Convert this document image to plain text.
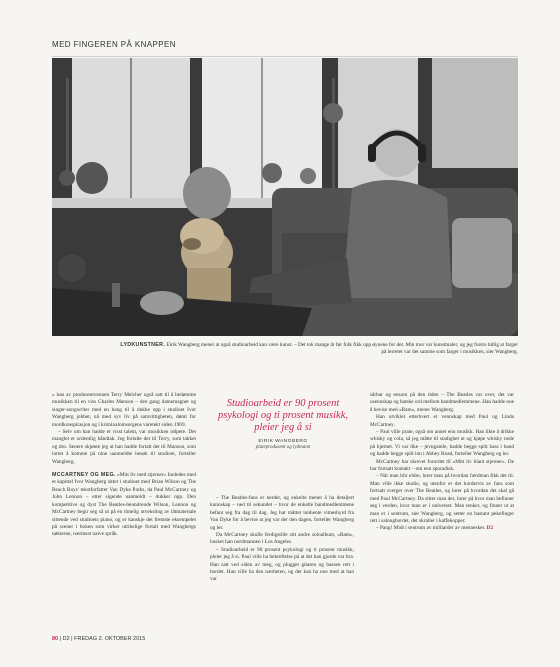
MED FINGEREN PÅ KNAPPEN
LYDKUNSTNER. Eirik Wangberg mener at også studioarbeid kan være kunst. – Det tok mange år før folk fikk opp øynene for det. Min mor var kunstmaler, og jeg forsto tidlig at farger på lerretet var det samme som farger i musikken, sier Wangberg.

» han av produsentvennen Terry Melcher også satt til å bedømme musikken til en viss Charles Manson – den gang damemagnet og singer-songwriter med en hang til å dukke opp i studioet Ivor Wangberg jobbet, nå med syv liv på samvittigheten, dømt for mordkonspirasjon og i kriminalomsorgens varetekt siden 1969.

– Selv om han hadde et visst talent, var musikken rølpete. Det manglet et ordentlig håndtak. Jeg fortalte det til Terry, som takket og dro. Senere skjønte jeg at han hadde fortalt det til Manson, som lurtet å komme på nine uanmeldte besøk til studioet, forteller Wangberg.

MCCARTNEY OG MEG. «Mitt liv med stjerner» Innledes med et kapittel Ivor Wangberg sitter i studioet med Brian Wilson og The Beach Boys' tekstforfatter Van Dyke Parks, da Paul McCartney og John Lennon – etter sigende uanmeldt – dukker opp. Den kompetitive og dyst The Beatles-beundrende Wilson, Lennon og McCartney begir seg så ut på en timelig utveksling av låtmateriale sittende ved studioets piano, og er kanskje det fremste eksempelet på scener i boken som virker utrikelige fortalt med Wangbergs nøkterne, nærmest naive språk.

Studioarbeid er 90 prosent psykologi og ti prosent musikk, pleier jeg å si
EIRIK WANGBERG
plateprodusent og lydmann

– The Beatles-fans er nerder, og enkelte mener å ha detaljert kunnskap – ned til sekundet – hvor de enkelte bandmedlemmene befant seg fra dag til dag. Jeg har måttet innhente vitnesbyrd fra Van Dyke for å bevise at jeg var der den dagen, forteller Wangberg og ler.

Da McCartney skulle ferdigstille sitt andre soloalbum, «Ram», husket han nordmannen i Los Angeles.

– Studioarbeid er 90 prosent psykologi og ti prosent musikk, pleier jeg å si. Paul ville ha bekreftelse på at det han gjorde var bra. Han satt ved siden av meg, og plugget gitaren og bassen rett i bordet. Han ville ha den nærheten, og det kan ha noe med at han var

sårbar og ensom på den tiden – The Beatles var over, det var usennskap og hatske ord mellom bandmedlemmene. Han hadde noe å bevise med «Ram», mener Wangberg.

Han utviklet etterhvert et vennskap med Paul og Linda McCartney.

– Paul ville prate, også om annet enn musikk. Han likte å drikke whisky og cola, så jeg måtte til stadighet ut og kjøpe whisky nede på hjørnet. Vi var like – jevngamle, hadde begge spilt bass i band og hadde begge spilt inn i Abbey Road, forteller Wangberg og ler.

McCartney har skrevet forordet til «Mitt liv blant stjerner». De har fortsatt kontakt – om enn sporadisk.

– Når man blir eldre, lurer man på hvordan færdman fikk det til. Man ville ikke studio, og utenfor er det hordervis av fans som fortsatt sverger over The Beatles, og lurer på hvordan det skal gå med Paul McCartney. Da sitter man der, lurer på hvor man befinner seg i verden, hvor man er i universet. Man tenker, og finner ut at man er i sentrum, sier Wangberg, og setter en bastant pekefinger rett i salongbordet, det skraller i kaffekopper.

– Pang! Midt i sentrum av milliarder av mennesker. D2

80 | D2 | FREDAG 2. OKTOBER 2015
